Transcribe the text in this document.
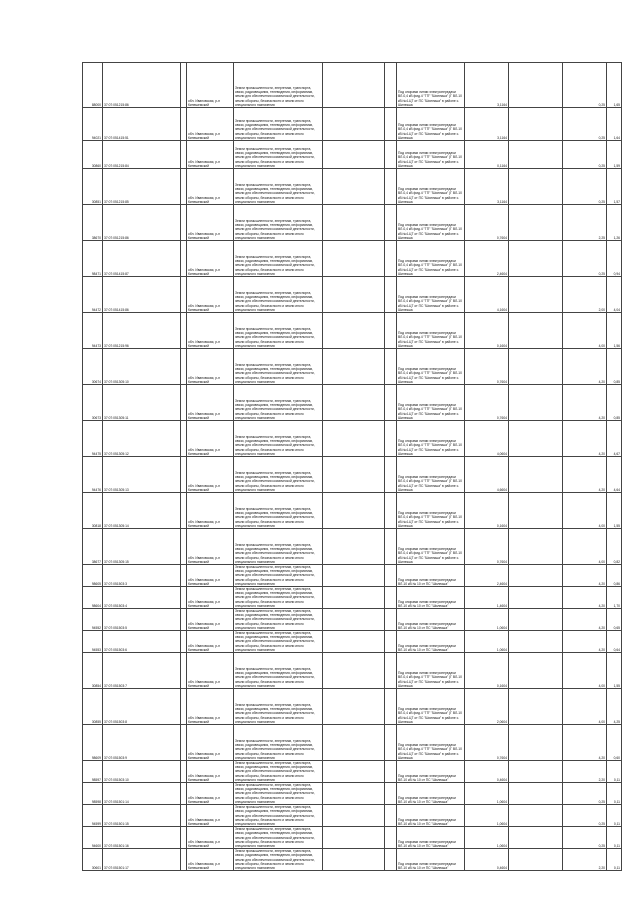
88000	37:07:051215:86		обл. Ивановская, р-н Кинешемский	Земли промышленности, энергетики, транспорта, связи, радиовещания, телевидения, информатики, земли для обеспечения космической деятельности, земли обороны, безопасности и земли иного специального назначения			Под опорами линии электропередачи ВЛ-0,4 кВ фид.4 "ТП" "Шилекша" (Г ВЛ-10 кВ №4-ЦТ от ПС "Шилекша" в районе с. Шилекша	3,1164		0,25	1,65
94021	37:07:051415:51		обл. Ивановская, р-н Кинешемский	Земли промышленности, энергетики, транспорта, связи, радиовещания, телевидения, информатики, земли для обеспечения космической деятельности, земли обороны, безопасности и земли иного специального назначения			Под опорами линии электропередачи ВЛ-0,4 кВ фид.4 "ТП" "Шилекша" (Г ВЛ-10 кВ №4-ЦТ от ПС "Шилекша" в районе с. Шилекша	3,1164		0,25	1,64
30860	37:07:051215:84		обл. Ивановская, р-н Кинешемский	Земли промышленности, энергетики, транспорта, связи, радиовещания, телевидения, информатики, земли для обеспечения космической деятельности, земли обороны, безопасности и земли иного специального назначения			Под опорами линии электропередачи ВЛ-0,4 кВ фид.4 "ТП" "Шилекша" (Г ВЛ-10 кВ №4-ЦТ от ПС "Шилекша" в районе с. Шилекша	0,1164		0,25	1,59
30851	37:07:051215:85		обл. Ивановская, р-н Кинешемский	Земли промышленности, энергетики, транспорта, связи, радиовещания, телевидения, информатики, земли для обеспечения космической деятельности, земли обороны, безопасности и земли иного специального назначения			Под опорами линии электропередачи ВЛ-0,4 кВ фид.4 "ТП" "Шилекша" (Г ВЛ-10 кВ №4-ЦТ от ПС "Шилекша" в районе с. Шилекша	3,1164		0,25	1,57
38670	37:07:051215:86		обл. Ивановская, р-н Кинешемский	Земли промышленности, энергетики, транспорта, связи, радиовещания, телевидения, информатики, земли для обеспечения космической деятельности, земли обороны, безопасности и земли иного специального назначения			Под опорами линии электропередачи ВЛ-0,4 кВ фид.4 "ТП" "Шилекша" (Г ВЛ-10 кВ №4-ЦТ от ПС "Шилекша" в районе с. Шилекша	0,7604		2,25	1,26
98471	37:07:051415:87		обл. Ивановская, р-н Кинешемский	Земли промышленности, энергетики, транспорта, связи, радиовещания, телевидения, информатики, земли для обеспечения космической деятельности, земли обороны, безопасности и земли иного специального назначения			Под опорами линии электропередачи ВЛ-0,4 кВ фид.4 "ТП" "Шилекша" (Г ВЛ-10 кВ №4-ЦТ от ПС "Шилекша" в районе с. Шилекша	2,4604		0,25	0,94
94472	37:07:051415:86		обл. Ивановская, р-н Кинешемский	Земли промышленности, энергетики, транспорта, связи, радиовещания, телевидения, информатики, земли для обеспечения космической деятельности, земли обороны, безопасности и земли иного специального назначения			Под опорами линии электропередачи ВЛ-0,4 кВ фид.4 "ТП" "Шилекша" (Г ВЛ-10 кВ №4-ЦТ от ПС "Шилекша" в районе с. Шилекша	4,1604		2,00	4,04
94473	37:07:051215:96		обл. Ивановская, р-н Кинешемский	Земли промышленности, энергетики, транспорта, связи, радиовещания, телевидения, информатики, земли для обеспечения космической деятельности, земли обороны, безопасности и земли иного специального назначения			Под опорами линии электропередачи ВЛ-0,4 кВ фид.4 "ТП" "Шилекша" (Г ВЛ-10 кВ №4-ЦТ от ПС "Шилекша" в районе с. Шилекша	0,1604		4,00	1,56
30674	37:07:051305:10		обл. Ивановская, р-н Кинешемский	Земли промышленности, энергетики, транспорта, связи, радиовещания, телевидения, информатики, земли для обеспечения космической деятельности, земли обороны, безопасности и земли иного специального назначения			Под опорами линии электропередачи ВЛ-0,4 кВ фид.4 "ТП" "Шилекша" (Г ВЛ-10 кВ №4-ЦТ от ПС "Шилекша" в районе с. Шилекша	0,7604		4,20	0,85
30673	37:07:051305:11		обл. Ивановская, р-н Кинешемский	Земли промышленности, энергетики, транспорта, связи, радиовещания, телевидения, информатики, земли для обеспечения космической деятельности, земли обороны, безопасности и земли иного специального назначения			Под опорами линии электропередачи ВЛ-0,4 кВ фид.4 "ТП" "Шилекша" (Г ВЛ-10 кВ №4-ЦТ от ПС "Шилекша" в районе с. Шилекша	0,7604		4,20	0,85
94475	37:07:051305:12		обл. Ивановская, р-н Кинешемский	Земли промышленности, энергетики, транспорта, связи, радиовещания, телевидения, информатики, земли для обеспечения космической деятельности, земли обороны, безопасности и земли иного специального назначения			Под опорами линии электропередачи ВЛ-0,4 кВ фид.4 "ТП" "Шилекша" (Г ВЛ-10 кВ №4-ЦТ от ПС "Шилекша" в районе с. Шилекша	4,0604		4,20	4,67
94476	37:07:051305:13		обл. Ивановская, р-н Кинешемский	Земли промышленности, энергетики, транспорта, связи, радиовещания, телевидения, информатики, земли для обеспечения космической деятельности, земли обороны, безопасности и земли иного специального назначения			Под опорами линии электропередачи ВЛ-0,4 кВ фид.4 "ТП" "Шилекша" (Г ВЛ-10 кВ №4-ЦТ от ПС "Шилекша" в районе с. Шилекша	4,6604		4,20	4,64
30818	37:07:051305:14		обл. Ивановская, р-н Кинешемский	Земли промышленности, энергетики, транспорта, связи, радиовещания, телевидения, информатики, земли для обеспечения космической деятельности, земли обороны, безопасности и земли иного специального назначения			Под опорами линии электропередачи ВЛ-0,4 кВ фид.4 "ТП" "Шилекша" (Г ВЛ-10 кВ №4-ЦТ от ПС "Шилекша" в районе с. Шилекша	0,1604		4,00	1,55
38677	37:07:051305:15		обл. Ивановская, р-н Кинешемский	Земли промышленности, энергетики, транспорта, связи, радиовещания, телевидения, информатики, земли для обеспечения космической деятельности, земли обороны, безопасности и земли иного специального назначения			Под опорами линии электропередачи ВЛ-0,4 кВ фид.4 "ТП" "Шилекша" (Г ВЛ-10 кВ №4-ЦТ от ПС "Шилекша" в районе с. Шилекша	0,7604		4,00	0,82
98605	37:07:051503:3		обл. Ивановская, р-н Кинешемский	Земли промышленности, энергетики, транспорта, связи, радиовещания, телевидения, информатики, земли для обеспечения космической деятельности, земли обороны, безопасности и земли иного специального назначения			Под опорами линии электропередачи ВЛ-10 кВ № 10 от ПС "Шилекша"	2,4604		4,20	0,86
98604	37:07:051503:4		обл. Ивановская, р-н Кинешемский	Земли промышленности, энергетики, транспорта, связи, радиовещания, телевидения, информатики, земли для обеспечения космической деятельности, земли обороны, безопасности и земли иного специального назначения			Под опорами линии электропередачи ВЛ-10 кВ № 10 от ПС "Шилекша"	1,4604		4,20	1,70
94552	37:07:051503:5		обл. Ивановская, р-н Кинешемский	Земли промышленности, энергетики, транспорта, связи, радиовещания, телевидения, информатики, земли для обеспечения космической деятельности, земли обороны, безопасности и земли иного специального назначения			Под опорами линии электропередачи ВЛ-10 кВ № 10 от ПС "Шилекша"	1,0604		4,20	0,65
94553	37:07:051503:6		обл. Ивановская, р-н Кинешемский	Земли промышленности, энергетики, транспорта, связи, радиовещания, телевидения, информатики, земли для обеспечения космической деятельности, земли обороны, безопасности и земли иного специального назначения			Под опорами линии электропередачи ВЛ-10 кВ № 10 от ПС "Шилекша"	1,0604		4,20	0,64
30854	37:07:051503:7		обл. Ивановская, р-н Кинешемский	Земли промышленности, энергетики, транспорта, связи, радиовещания, телевидения, информатики, земли для обеспечения космической деятельности, земли обороны, безопасности и земли иного специального назначения			Под опорами линии электропередачи ВЛ-0,4 кВ фид.4 "ТП" "Шилекша" (Г ВЛ-10 кВ №4-ЦТ от ПС "Шилекша" в районе с. Шилекша	0,1604		4,00	1,55
30855	37:07:051503:8		обл. Ивановская, р-н Кинешемский	Земли промышленности, энергетики, транспорта, связи, радиовещания, телевидения, информатики, земли для обеспечения космической деятельности, земли обороны, безопасности и земли иного специального назначения			Под опорами линии электропередачи ВЛ-0,4 кВ фид.4 "ТП" "Шилекша" (Г ВЛ-10 кВ №4-ЦТ от ПС "Шилекша" в районе с. Шилекша	2,0604		4,00	4,25
98609	37:07:051503:9		обл. Ивановская, р-н Кинешемский	Земли промышленности, энергетики, транспорта, связи, радиовещания, телевидения, информатики, земли для обеспечения космической деятельности, земли обороны, безопасности и земли иного специального назначения			Под опорами линии электропередачи ВЛ-0,4 кВ фид.4 "ТП" "Шилекша" (Г ВЛ-10 кВ №4-ЦТ от ПС "Шилекша" в районе с. Шилекша	0,7604		4,20	0,60
98597	37:07:051503:10		обл. Ивановская, р-н Кинешемский	Земли промышленности, энергетики, транспорта, связи, радиовещания, телевидения, информатики, земли для обеспечения космической деятельности, земли обороны, безопасности и земли иного специального назначения			Под опорами линии электропередачи ВЛ-10 кВ № 10 от ПС "Шилекша"	0,4604		2,20	0,11
98598	37:07:051501:14		обл. Ивановская, р-н Кинешемский	Земли промышленности, энергетики, транспорта, связи, радиовещания, телевидения, информатики, земли для обеспечения космической деятельности, земли обороны, безопасности и земли иного специального назначения			Под опорами линии электропередачи ВЛ-10 кВ № 10 от ПС "Шилекша"	1,0604		0,25	0,11
94599	37:07:051501:15		обл. Ивановская, р-н Кинешемский	Земли промышленности, энергетики, транспорта, связи, радиовещания, телевидения, информатики, земли для обеспечения космической деятельности, земли обороны, безопасности и земли иного специального назначения			Под опорами линии электропередачи ВЛ-10 кВ № 10 от ПС "Шилекша"	1,0604		0,25	0,11
94600	37:07:051501:16		обл. Ивановская, р-н Кинешемский	Земли промышленности, энергетики, транспорта, связи, радиовещания, телевидения, информатики, земли для обеспечения космической деятельности, земли обороны, безопасности и земли иного специального назначения			Под опорами линии электропередачи ВЛ-10 кВ № 10 от ПС "Шилекша"	1,0604		0,25	0,11
30601	37:07:051501:17		обл. Ивановская, р-н Кинешемский	Земли промышленности, энергетики, транспорта, связи, радиовещания, телевидения, информатики, земли для обеспечения космической деятельности, земли обороны, безопасности и земли иного специального назначения			Под опорами линии электропередачи ВЛ-10 кВ № 10 от ПС "Шилекша"	0,4604		2,20	0,11
